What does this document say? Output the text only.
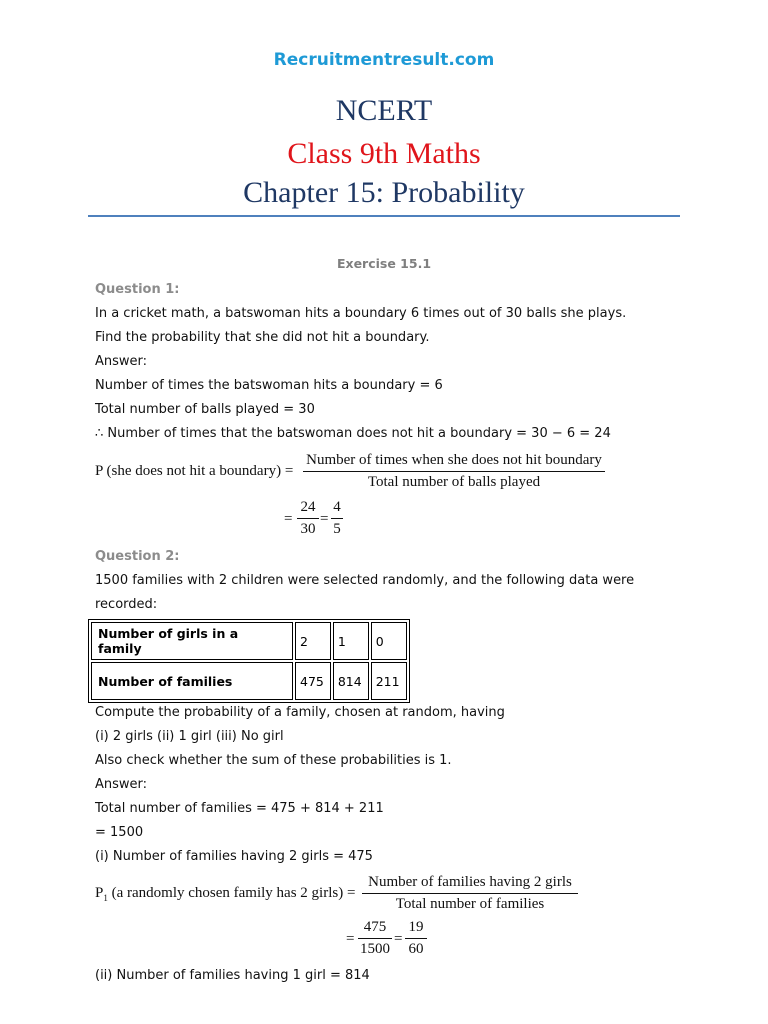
Recruitmentresult.com
NCERT
Class 9th Maths
Chapter 15: Probability
Exercise 15.1
Question 1:
In a cricket math, a batswoman hits a boundary 6 times out of 30 balls she plays.
Find the probability that she did not hit a boundary.
Answer:
Number of times the batswoman hits a boundary = 6
Total number of balls played = 30
∴ Number of times that the batswoman does not hit a boundary = 30 − 6 = 24
P (she does not hit a boundary) =
Number of times when she does not hit boundary
Total number of balls played
=
24
30
=
4
5
Question 2:
1500 families with 2 children were selected randomly, and the following data were
recorded:
Number of girls in a family	2	1	0
Number of families	475	814	211
Compute the probability of a family, chosen at random, having
(i) 2 girls (ii) 1 girl (iii) No girl
Also check whether the sum of these probabilities is 1.
Answer:
Total number of families = 475 + 814 + 211
= 1500
(i) Number of families having 2 girls = 475
$P_1$ (a randomly chosen family has 2 girls) =
Number of families having 2 girls
Total number of families
=
475
1500
=
19
60
(ii) Number of families having 1 girl = 814
